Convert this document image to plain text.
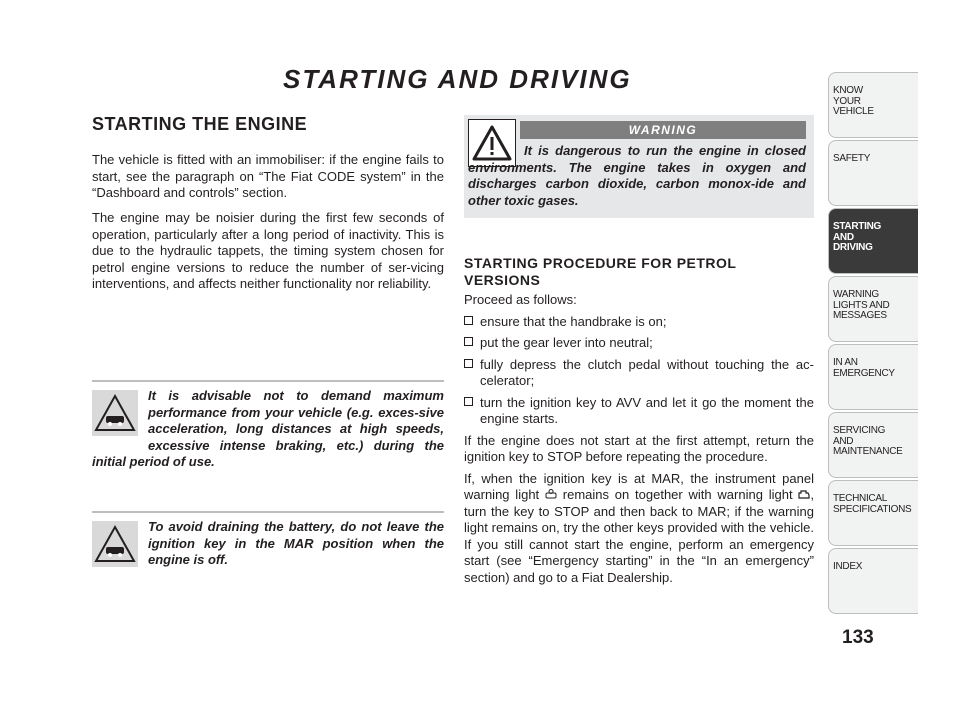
STARTING AND DRIVING
STARTING THE ENGINE

The vehicle is fitted with an immobiliser: if the engine fails to start, see the paragraph on “The Fiat CODE system” in the “Dashboard and controls” section.

The engine may be noisier during the first few seconds of operation, particularly after a long period of inactivity. This is due to the hydraulic tappets, the timing system chosen for petrol engine versions to reduce the number of ser-vicing interventions, and affects neither functionality nor reliability.

It is advisable not to demand maximum performance from your vehicle (e.g. exces-sive acceleration, long distances at high speeds, excessive intense braking, etc.) during the initial period of use.

To avoid draining the battery, do not leave the ignition key in the MAR position when the engine is off.

WARNING

It is dangerous to run the engine in closed environments. The engine takes in oxygen and discharges carbon dioxide, carbon monox-ide and other toxic gases.

STARTING PROCEDURE FOR PETROL VERSIONS

Proceed as follows:

ensure that the handbrake is on;
put the gear lever into neutral;
fully depress the clutch pedal without touching the ac-celerator;
turn the ignition key to AVV and let it go the moment the engine starts.

If the engine does not start at the first attempt, return the ignition key to STOP before repeating the procedure.

If, when the ignition key is at MAR, the instrument panel warning light remains on together with warning light , turn the key to STOP and then back to MAR; if the warning light remains on, try the other keys provided with the vehicle. If you still cannot start the engine, perform an emergency start (see “Emergency starting” in the “In an emergency” section) and go to a Fiat Dealership.

KNOW
YOUR
VEHICLE
SAFETY
STARTING
AND
DRIVING
WARNING
LIGHTS AND
MESSAGES
IN AN
EMERGENCY
SERVICING
AND
MAINTENANCE
TECHNICAL
SPECIFICATIONS
INDEX
133
